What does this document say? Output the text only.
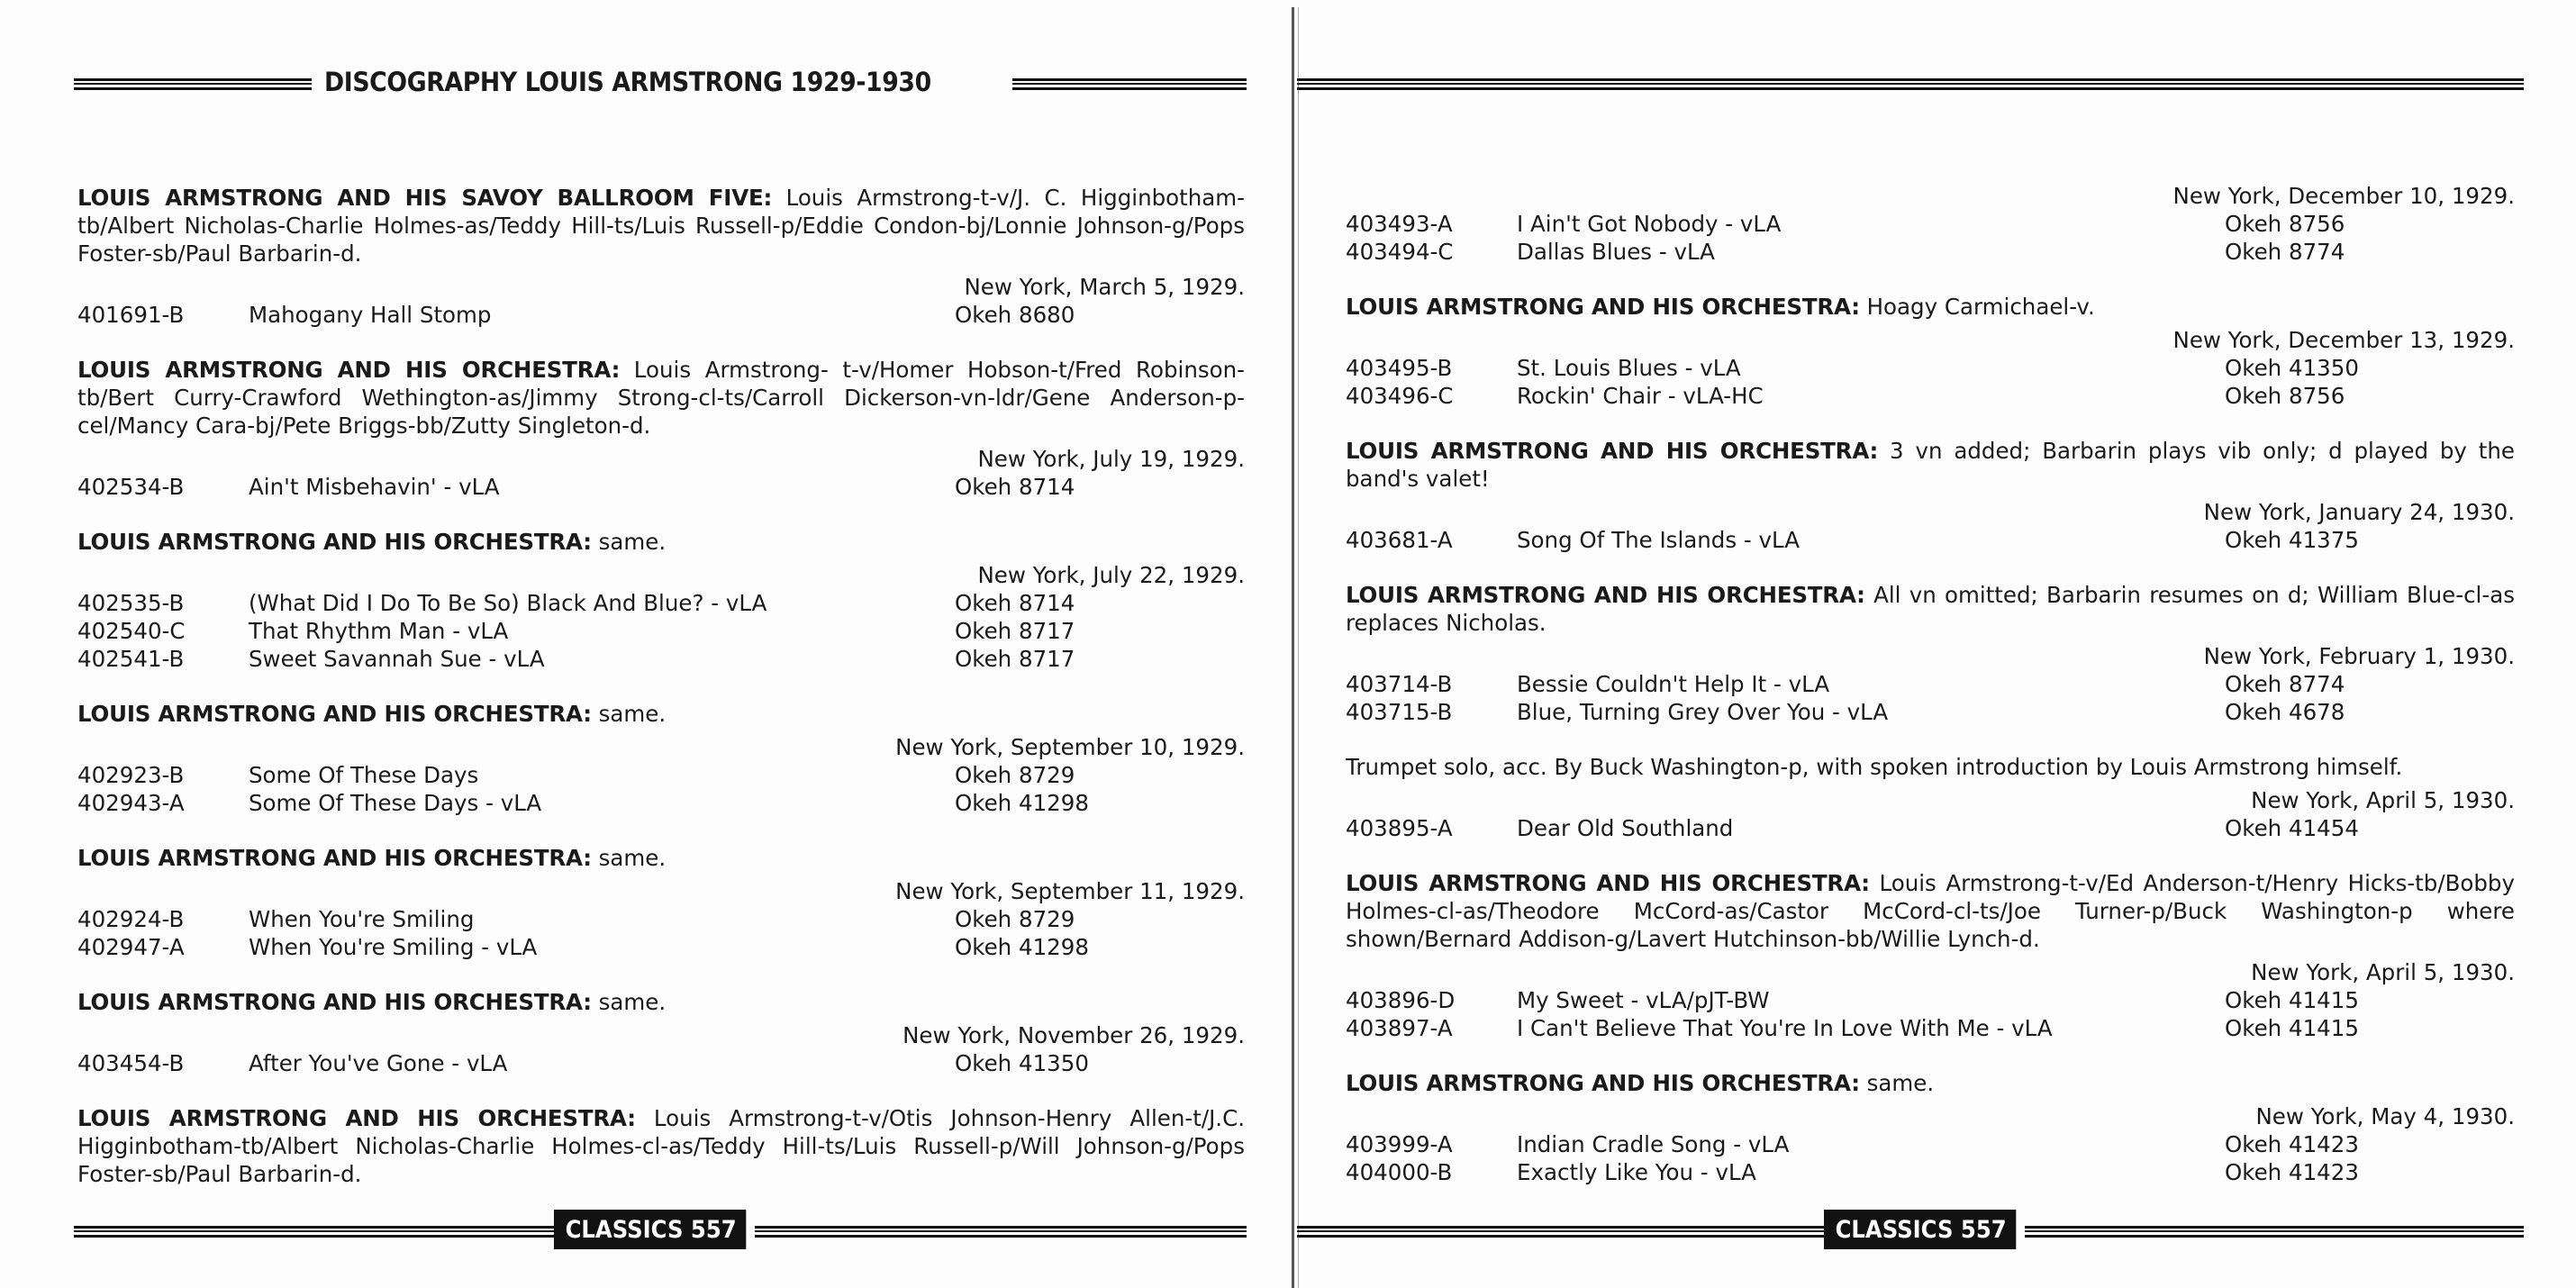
DISCOGRAPHY LOUIS ARMSTRONG 1929-1930

LOUIS ARMSTRONG AND HIS SAVOY BALLROOM FIVE: Louis Armstrong-t-v/J. C. Higginbotham-tb/Albert Nicholas-Charlie Holmes-as/Teddy Hill-ts/Luis Russell-p/Eddie Condon-bj/Lonnie Johnson-g/Pops Foster-sb/Paul Barbarin-d.

New York, March 5, 1929.

401691-B	Mahogany Hall Stomp	Okeh 8680

LOUIS ARMSTRONG AND HIS ORCHESTRA: Louis Armstrong- t-v/Homer Hobson-t/Fred Robinson-tb/Bert Curry-Crawford Wethington-as/Jimmy Strong-cl-ts/Carroll Dickerson-vn-ldr/Gene Anderson-p-cel/Mancy Cara-bj/Pete Briggs-bb/Zutty Singleton-d.

New York, July 19, 1929.

402534-B	Ain't Misbehavin' - vLA	Okeh 8714

LOUIS ARMSTRONG AND HIS ORCHESTRA: same.

New York, July 22, 1929.

402535-B	(What Did I Do To Be So) Black And Blue? - vLA	Okeh 8714
402540-C	That Rhythm Man - vLA	Okeh 8717
402541-B	Sweet Savannah Sue - vLA	Okeh 8717

LOUIS ARMSTRONG AND HIS ORCHESTRA: same.

New York, September 10, 1929.

402923-B	Some Of These Days	Okeh 8729
402943-A	Some Of These Days - vLA	Okeh 41298

LOUIS ARMSTRONG AND HIS ORCHESTRA: same.

New York, September 11, 1929.

402924-B	When You're Smiling	Okeh 8729
402947-A	When You're Smiling - vLA	Okeh 41298

LOUIS ARMSTRONG AND HIS ORCHESTRA: same.

New York, November 26, 1929.

403454-B	After You've Gone - vLA	Okeh 41350

LOUIS ARMSTRONG AND HIS ORCHESTRA: Louis Armstrong-t-v/Otis Johnson-Henry Allen-t/J.C. Higginbotham-tb/Albert Nicholas-Charlie Holmes-cl-as/Teddy Hill-ts/Luis Russell-p/Will Johnson-g/Pops Foster-sb/Paul Barbarin-d.

CLASSICS 557

New York, December 10, 1929.

403493-A	I Ain't Got Nobody - vLA	Okeh 8756
403494-C	Dallas Blues - vLA	Okeh 8774

LOUIS ARMSTRONG AND HIS ORCHESTRA: Hoagy Carmichael-v.

New York, December 13, 1929.

403495-B	St. Louis Blues - vLA	Okeh 41350
403496-C	Rockin' Chair - vLA-HC	Okeh 8756

LOUIS ARMSTRONG AND HIS ORCHESTRA: 3 vn added; Barbarin plays vib only; d played by the band's valet!

New York, January 24, 1930.

403681-A	Song Of The Islands - vLA	Okeh 41375

LOUIS ARMSTRONG AND HIS ORCHESTRA: All vn omitted; Barbarin resumes on d; William Blue-cl-as replaces Nicholas.

New York, February 1, 1930.

403714-B	Bessie Couldn't Help It - vLA	Okeh 8774
403715-B	Blue, Turning Grey Over You - vLA	Okeh 4678

Trumpet solo, acc. By Buck Washington-p, with spoken introduction by Louis Armstrong himself.

New York, April 5, 1930.

403895-A	Dear Old Southland	Okeh 41454

LOUIS ARMSTRONG AND HIS ORCHESTRA: Louis Armstrong-t-v/Ed Anderson-t/Henry Hicks-tb/Bobby Holmes-cl-as/Theodore McCord-as/Castor McCord-cl-ts/Joe Turner-p/Buck Washington-p where shown/Bernard Addison-g/Lavert Hutchinson-bb/Willie Lynch-d.

New York, April 5, 1930.

403896-D	My Sweet - vLA/pJT-BW	Okeh 41415
403897-A	I Can't Believe That You're In Love With Me - vLA	Okeh 41415

LOUIS ARMSTRONG AND HIS ORCHESTRA: same.

New York, May 4, 1930.

403999-A	Indian Cradle Song - vLA	Okeh 41423
404000-B	Exactly Like You - vLA	Okeh 41423
CLASSICS 557
